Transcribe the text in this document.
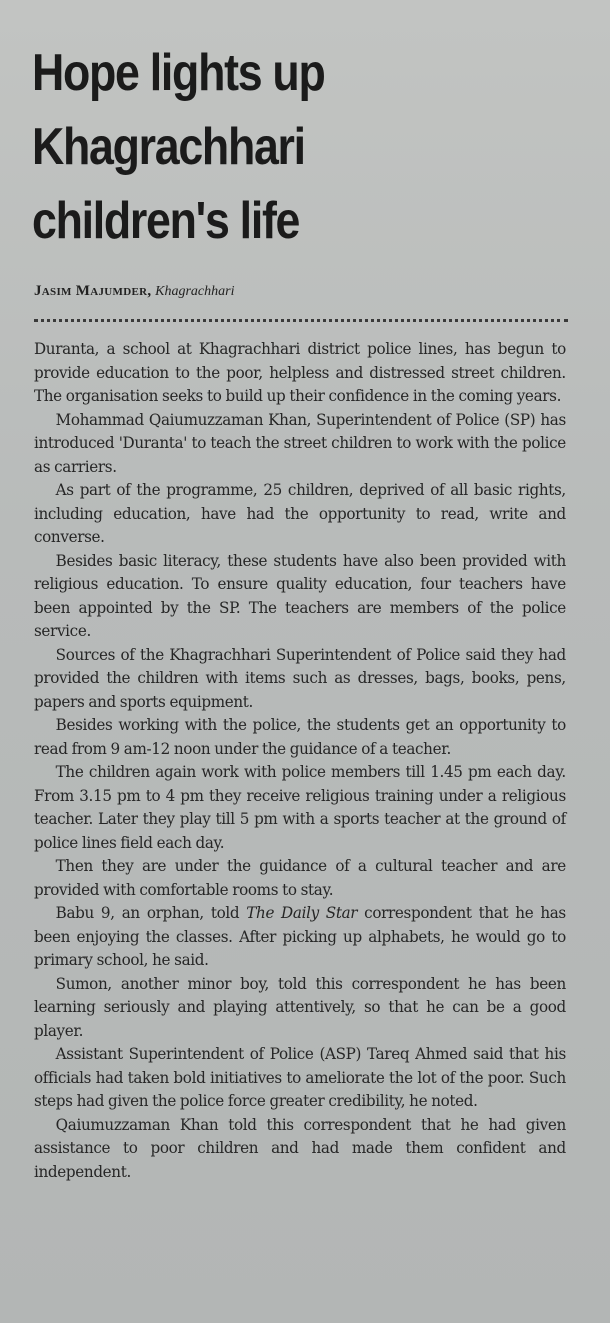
Hope lights up
Khagrachhari
children's life
Jasim Majumder, Khagrachhari

Duranta, a school at Khagrachhari district police lines, has begun to provide education to the poor, helpless and distressed street children. The organisation seeks to build up their confidence in the coming years.

Mohammad Qaiumuzzaman Khan, Superintendent of Police (SP) has introduced 'Duranta' to teach the street children to work with the police as carriers.

As part of the programme, 25 children, deprived of all basic rights, including education, have had the opportunity to read, write and converse.

Besides basic literacy, these students have also been provided with religious education. To ensure quality education, four teachers have been appointed by the SP. The teachers are members of the police service.

Sources of the Khagrachhari Superintendent of Police said they had provided the children with items such as dresses, bags, books, pens, papers and sports equipment.

Besides working with the police, the students get an opportunity to read from 9 am-12 noon under the guidance of a teacher.

The children again work with police members till 1.45 pm each day. From 3.15 pm to 4 pm they receive religious training under a religious teacher. Later they play till 5 pm with a sports teacher at the ground of police lines field each day.

Then they are under the guidance of a cultural teacher and are provided with comfortable rooms to stay.

Babu 9, an orphan, told The Daily Star correspondent that he has been enjoying the classes. After picking up alphabets, he would go to primary school, he said.

Sumon, another minor boy, told this correspondent he has been learning seriously and playing attentively, so that he can be a good player.

Assistant Superintendent of Police (ASP) Tareq Ahmed said that his officials had taken bold initiatives to ameliorate the lot of the poor. Such steps had given the police force greater credibility, he noted.

Qaiumuzzaman Khan told this correspondent that he had given assistance to poor children and had made them confident and independent.
